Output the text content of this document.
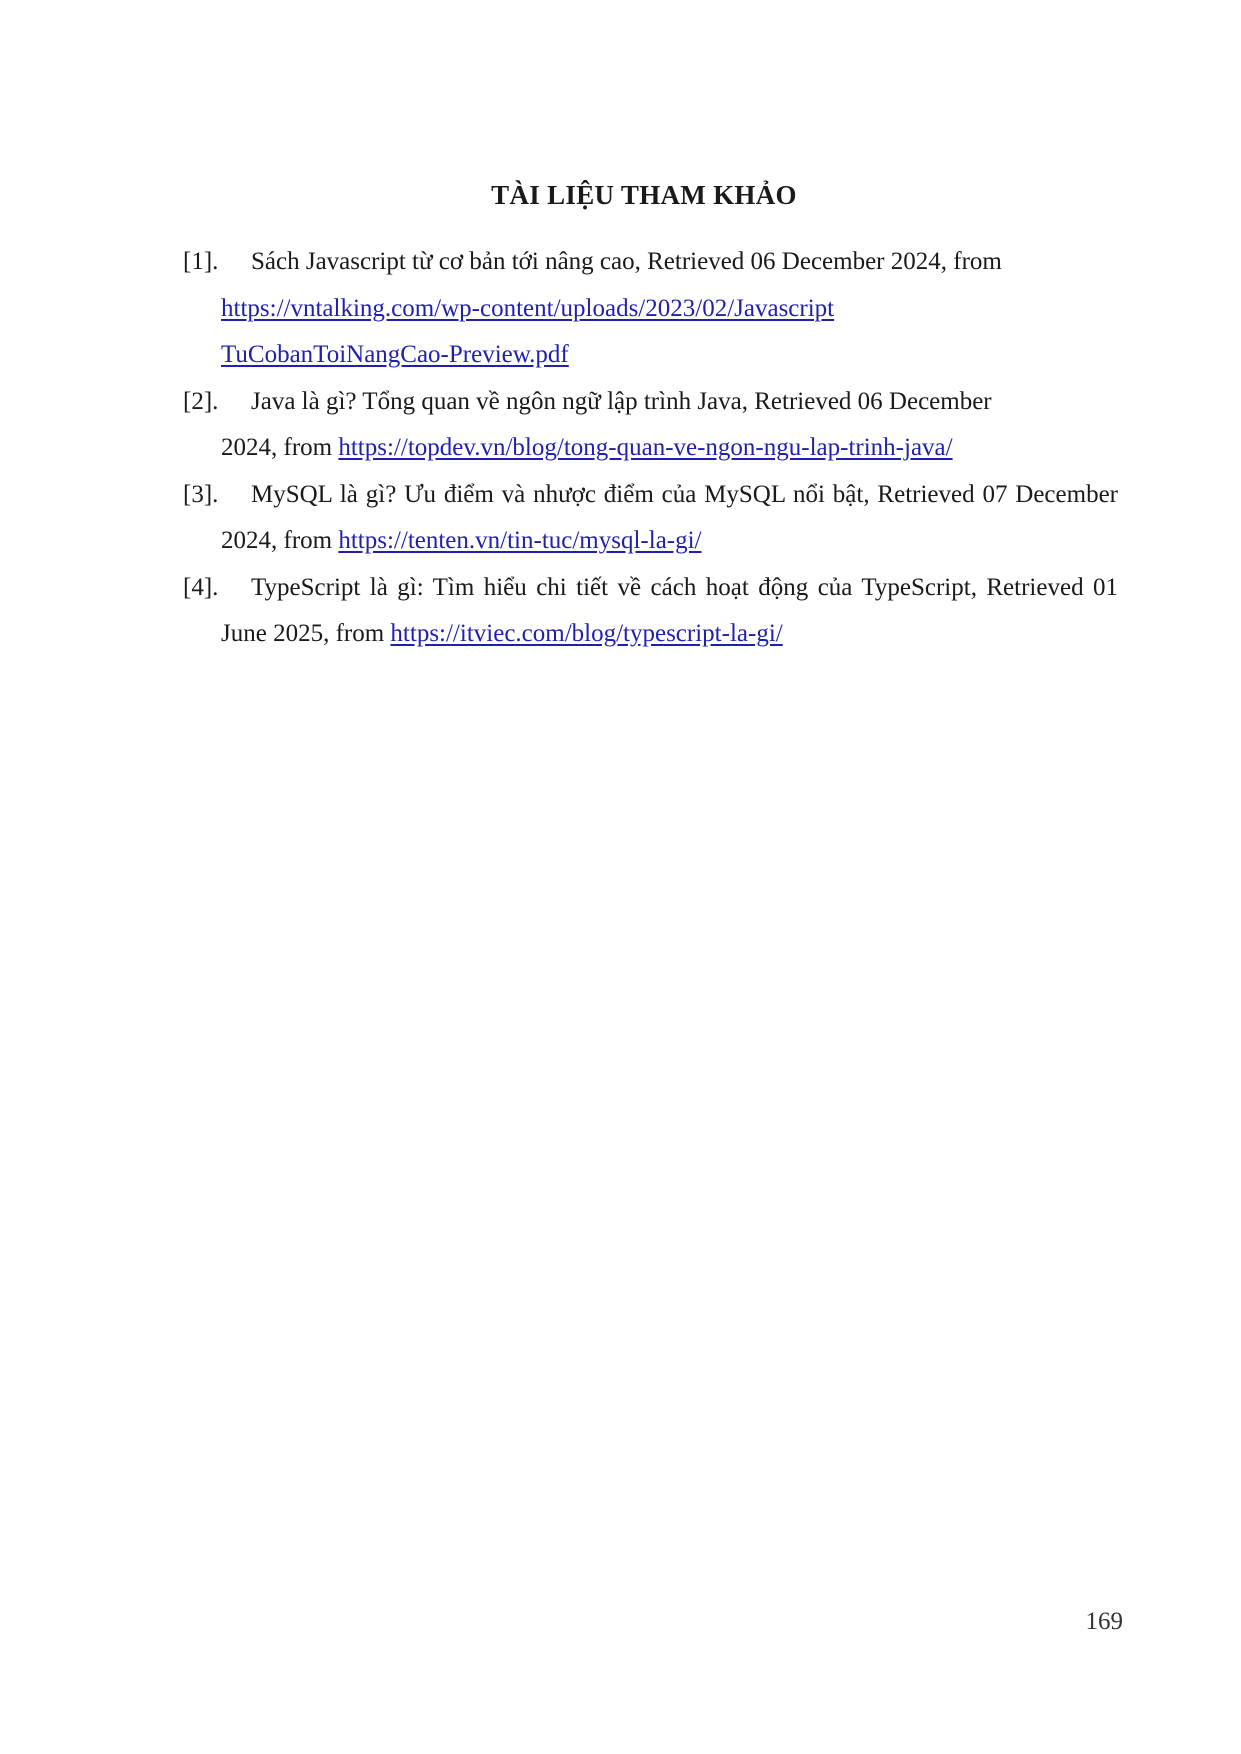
TÀI LIỆU THAM KHẢO
[1]. Sách Javascript từ cơ bản tới nâng cao, Retrieved 06 December 2024, from
https://vntalking.com/wp-content/uploads/2023/02/Javascript
TuCobanToiNangCao-Preview.pdf
[2]. Java là gì? Tổng quan về ngôn ngữ lập trình Java, Retrieved 06 December
2024, from https://topdev.vn/blog/tong-quan-ve-ngon-ngu-lap-trinh-java/
[3]. MySQL là gì? Ưu điểm và nhược điểm của MySQL nổi bật, Retrieved 07 December 2024, from https://tenten.vn/tin-tuc/mysql-la-gi/
[4]. TypeScript là gì: Tìm hiểu chi tiết về cách hoạt động của TypeScript, Retrieved 01 June 2025, from https://itviec.com/blog/typescript-la-gi/
169
